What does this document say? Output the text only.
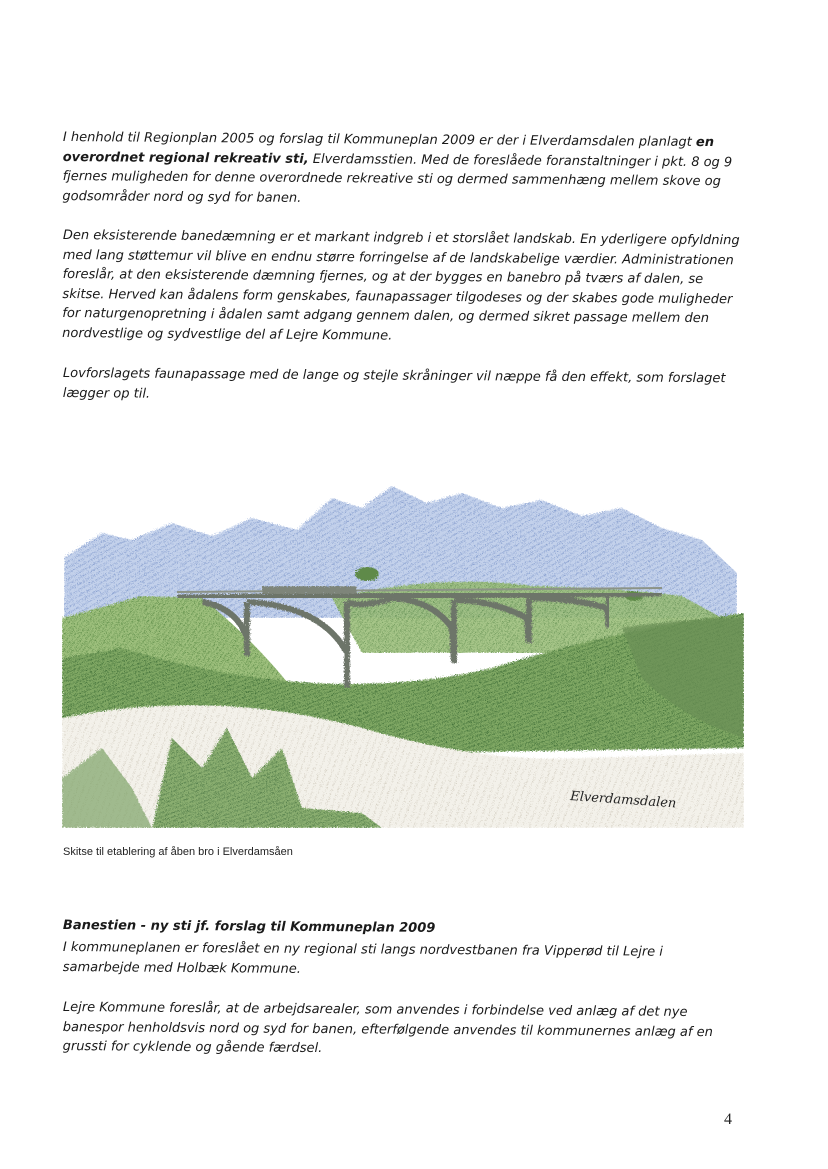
I henhold til Regionplan 2005 og forslag til Kommuneplan 2009 er der i Elverdamsdalen planlagt en overordnet regional rekreativ sti, Elverdamsstien. Med de foreslåede foranstaltninger i pkt. 8 og 9 fjernes muligheden for denne overordnede rekreative sti og dermed sammenhæng mellem skove og godsområder nord og syd for banen.
Den eksisterende banedæmning er et markant indgreb i et storslået landskab. En yderligere opfyldning med lang støttemur vil blive en endnu større forringelse af de landskabelige værdier. Administrationen foreslår, at den eksisterende dæmning fjernes, og at der bygges en banebro på tværs af dalen, se skitse. Herved kan ådalens form genskabes, faunapassager tilgodeses og der skabes gode muligheder for naturgenopretning i ådalen samt adgang gennem dalen, og dermed sikret passage mellem den nordvestlige og sydvestlige del af Lejre Kommune.
Lovforslagets faunapassage med de lange og stejle skråninger vil næppe få den effekt, som forslaget lægger op til.
Elverdamsdalen
Skitse til etablering af åben bro i Elverdamsåen
Banestien - ny sti jf. forslag til Kommuneplan 2009
I kommuneplanen er foreslået en ny regional sti langs nordvestbanen fra Vipperød til Lejre i samarbejde med Holbæk Kommune.
Lejre Kommune foreslår, at de arbejdsarealer, som anvendes i forbindelse ved anlæg af det nye banespor henholdsvis nord og syd for banen, efterfølgende anvendes til kommunernes anlæg af en grussti for cyklende og gående færdsel.
4
